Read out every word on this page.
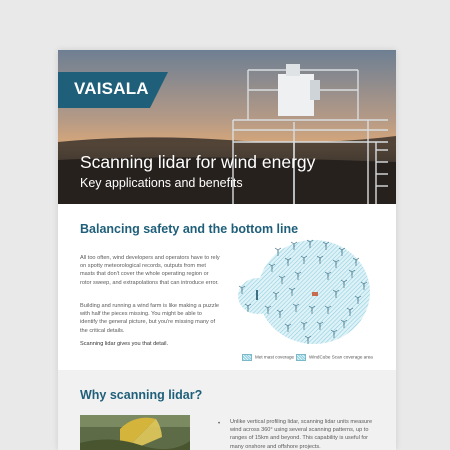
VAISALA
Scanning lidar for wind energy
Key applications and benefits
Balancing safety and the bottom line

All too often, wind developers and operators have to rely on spotty meteorological records, outputs from met masts that don't cover the whole operating region or rotor sweep, and extrapolations that can introduce error.

Building and running a wind farm is like making a puzzle with half the pieces missing. You might be able to identify the general picture, but you're missing many of the critical details.

Scanning lidar gives you that detail.

Met mast coverage	WindCube Scan coverage area
Why scanning lidar?
• Unlike vertical profiling lidar, scanning lidar units measure wind across 360° using several scanning patterns, up to ranges of 15km and beyond. This capability is useful for many onshore and offshore projects.
